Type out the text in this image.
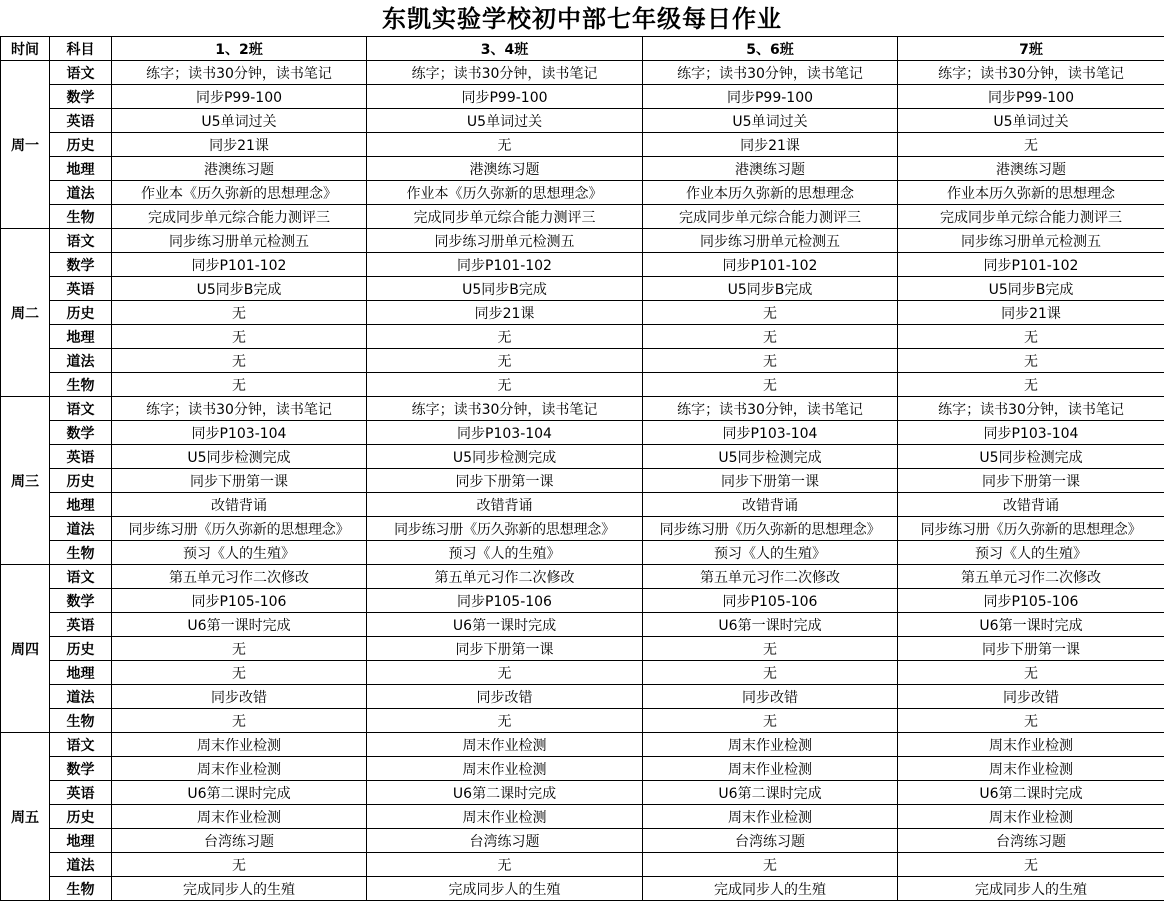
东凯实验学校初中部七年级每日作业
时间	科目	1、2班	3、4班	5、6班	7班
周一	语文	练字；读书30分钟，读书笔记	练字；读书30分钟，读书笔记	练字；读书30分钟，读书笔记	练字；读书30分钟，读书笔记
	数学	同步P99-100	同步P99-100	同步P99-100	同步P99-100
	英语	U5单词过关	U5单词过关	U5单词过关	U5单词过关
	历史	同步21课	无	同步21课	无
	地理	港澳练习题	港澳练习题	港澳练习题	港澳练习题
	道法	作业本《历久弥新的思想理念》	作业本《历久弥新的思想理念》	作业本历久弥新的思想理念	作业本历久弥新的思想理念
	生物	完成同步单元综合能力测评三	完成同步单元综合能力测评三	完成同步单元综合能力测评三	完成同步单元综合能力测评三
周二	语文	同步练习册单元检测五	同步练习册单元检测五	同步练习册单元检测五	同步练习册单元检测五
	数学	同步P101-102	同步P101-102	同步P101-102	同步P101-102
	英语	U5同步B完成	U5同步B完成	U5同步B完成	U5同步B完成
	历史	无	同步21课	无	同步21课
	地理	无	无	无	无
	道法	无	无	无	无
	生物	无	无	无	无
周三	语文	练字；读书30分钟，读书笔记	练字；读书30分钟，读书笔记	练字；读书30分钟，读书笔记	练字；读书30分钟，读书笔记
	数学	同步P103-104	同步P103-104	同步P103-104	同步P103-104
	英语	U5同步检测完成	U5同步检测完成	U5同步检测完成	U5同步检测完成
	历史	同步下册第一课	同步下册第一课	同步下册第一课	同步下册第一课
	地理	改错背诵	改错背诵	改错背诵	改错背诵
	道法	同步练习册《历久弥新的思想理念》	同步练习册《历久弥新的思想理念》	同步练习册《历久弥新的思想理念》	同步练习册《历久弥新的思想理念》
	生物	预习《人的生殖》	预习《人的生殖》	预习《人的生殖》	预习《人的生殖》
周四	语文	第五单元习作二次修改	第五单元习作二次修改	第五单元习作二次修改	第五单元习作二次修改
	数学	同步P105-106	同步P105-106	同步P105-106	同步P105-106
	英语	U6第一课时完成	U6第一课时完成	U6第一课时完成	U6第一课时完成
	历史	无	同步下册第一课	无	同步下册第一课
	地理	无	无	无	无
	道法	同步改错	同步改错	同步改错	同步改错
	生物	无	无	无	无
周五	语文	周末作业检测	周末作业检测	周末作业检测	周末作业检测
	数学	周末作业检测	周末作业检测	周末作业检测	周末作业检测
	英语	U6第二课时完成	U6第二课时完成	U6第二课时完成	U6第二课时完成
	历史	周末作业检测	周末作业检测	周末作业检测	周末作业检测
	地理	台湾练习题	台湾练习题	台湾练习题	台湾练习题
	道法	无	无	无	无
	生物	完成同步人的生殖	完成同步人的生殖	完成同步人的生殖	完成同步人的生殖
